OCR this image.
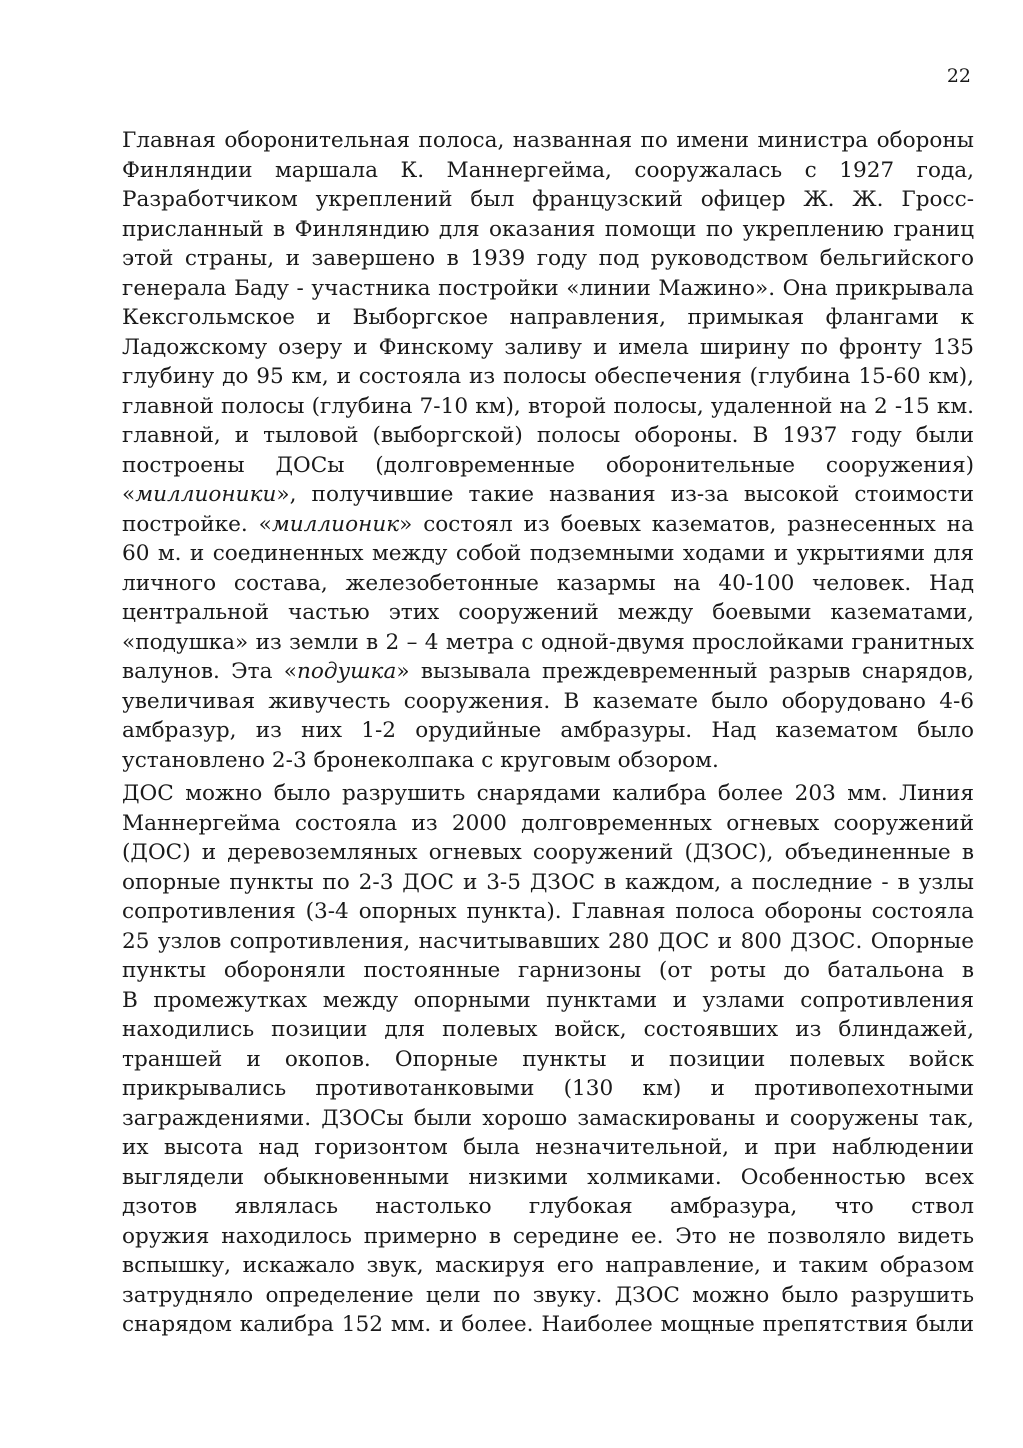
22
Главная оборонительная полоса, названная по имени министра обороны
Финляндии маршала К. Маннергейма, сооружалась с 1927 года,
Разработчиком укреплений был французский офицер Ж. Ж. Гросс-
присланный в Финляндию для оказания помощи по укреплению границ
этой страны, и завершено в 1939 году под руководством бельгийского
генерала Баду - участника постройки «линии Мажино». Она прикрывала
Кексгольмское и Выборгское направления, примыкая флангами к
Ладожскому озеру и Финскому заливу и имела ширину по фронту 135
глубину до 95 км, и состояла из полосы обеспечения (глубина 15-60 км),
главной полосы (глубина 7-10 км), второй полосы, удаленной на 2 -15 км.
главной, и тыловой (выборгской) полосы обороны. В 1937 году были
построены ДОСы (долговременные оборонительные сооружения)
«миллионики», получившие такие названия из-за высокой стоимости
постройке. «миллионик» состоял из боевых казематов, разнесенных на
60 м. и соединенных между собой подземными ходами и укрытиями для
личного состава, железобетонные казармы на 40-100 человек. Над
центральной частью этих сооружений между боевыми казематами,
«подушка» из земли в 2 – 4 метра с одной-двумя прослойками гранитных
валунов. Эта «подушка» вызывала преждевременный разрыв снарядов,
увеличивая живучесть сооружения. В каземате было оборудовано 4-6
амбразур, из них 1-2 орудийные амбразуры. Над казематом было
установлено 2-3 бронеколпака с круговым обзором.
ДОС можно было разрушить снарядами калибра более 203 мм. Линия
Маннергейма состояла из 2000 долговременных огневых сооружений
(ДОС) и деревоземляных огневых сооружений (ДЗОС), объединенные в
опорные пункты по 2-3 ДОС и 3-5 ДЗОС в каждом, а последние - в узлы
сопротивления (3-4 опорных пункта). Главная полоса обороны состояла
25 узлов сопротивления, насчитывавших 280 ДОС и 800 ДЗОС. Опорные
пункты обороняли постоянные гарнизоны (от роты до батальона в
В промежутках между опорными пунктами и узлами сопротивления
находились позиции для полевых войск, состоявших из блиндажей,
траншей и окопов. Опорные пункты и позиции полевых войск
прикрывались противотанковыми (130 км) и противопехотными
заграждениями. ДЗОСы были хорошо замаскированы и сооружены так,
их высота над горизонтом была незначительной, и при наблюдении
выглядели обыкновенными низкими холмиками. Особенностью всех
дзотов являлась настолько глубокая амбразура, что ствол
оружия находилось примерно в середине ее. Это не позволяло видеть
вспышку, искажало звук, маскируя его направление, и таким образом
затрудняло определение цели по звуку. ДЗОС можно было разрушить
снарядом калибра 152 мм. и более. Наиболее мощные препятствия были
